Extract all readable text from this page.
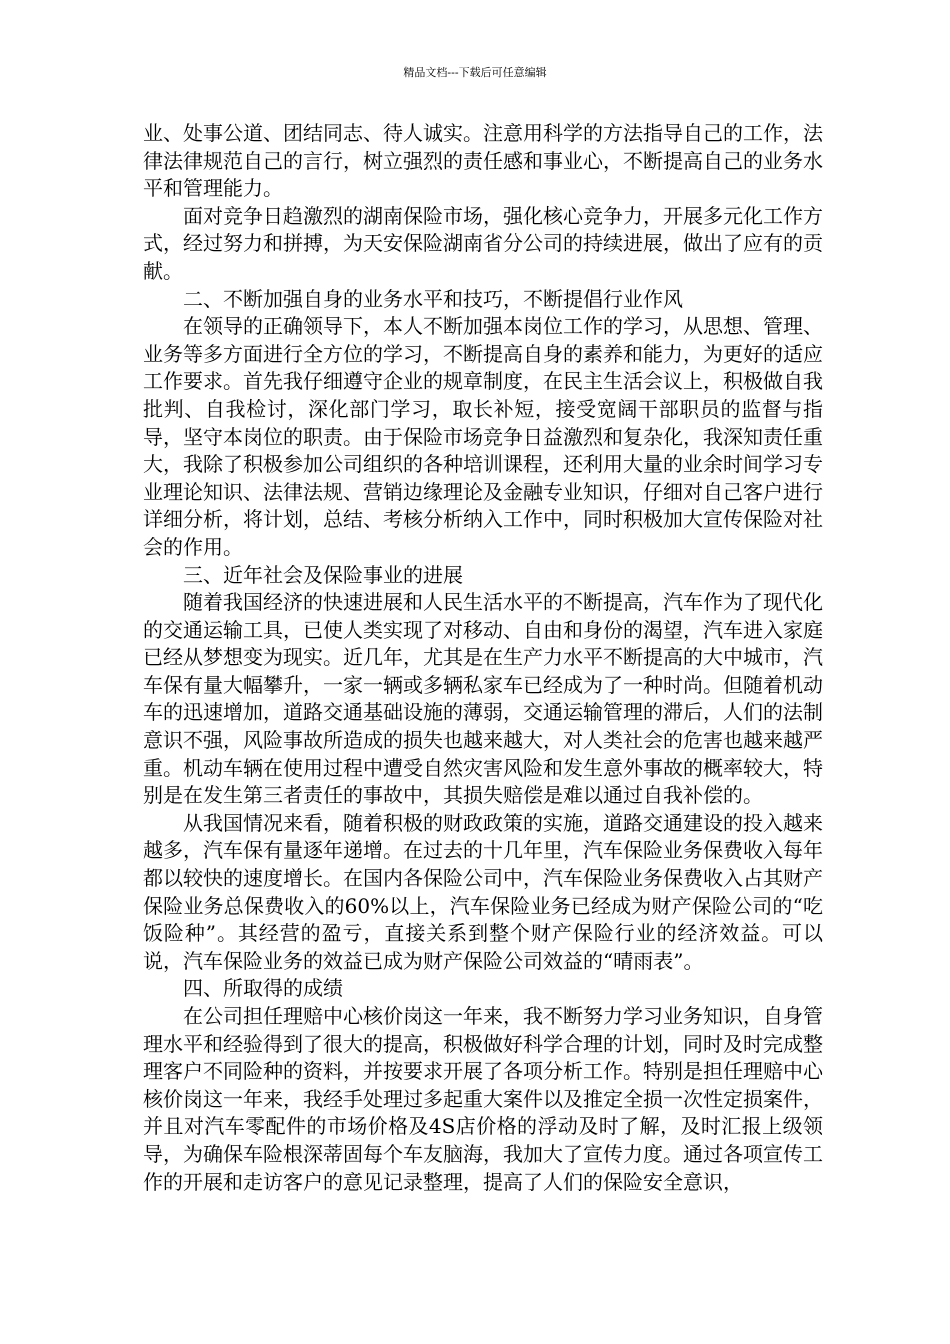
精品文档---下载后可任意编辑

业、处事公道、团结同志、待人诚实。注意用科学的方法指导自己的工作，法律法律规范自己的言行，树立强烈的责任感和事业心，不断提高自己的业务水平和管理能力。

面对竞争日趋激烈的湖南保险市场，强化核心竞争力，开展多元化工作方式，经过努力和拼搏，为天安保险湖南省分公司的持续进展，做出了应有的贡献。

二、不断加强自身的业务水平和技巧，不断提倡行业作风

在领导的正确领导下，本人不断加强本岗位工作的学习，从思想、管理、业务等多方面进行全方位的学习，不断提高自身的素养和能力，为更好的适应工作要求。首先我仔细遵守企业的规章制度，在民主生活会议上，积极做自我批判、自我检讨，深化部门学习，取长补短，接受宽阔干部职员的监督与指导，坚守本岗位的职责。由于保险市场竞争日益激烈和复杂化，我深知责任重大，我除了积极参加公司组织的各种培训课程，还利用大量的业余时间学习专业理论知识、法律法规、营销边缘理论及金融专业知识，仔细对自己客户进行详细分析，将计划，总结、考核分析纳入工作中，同时积极加大宣传保险对社会的作用。

三、近年社会及保险事业的进展

随着我国经济的快速进展和人民生活水平的不断提高，汽车作为了现代化的交通运输工具，已使人类实现了对移动、自由和身份的渴望，汽车进入家庭已经从梦想变为现实。近几年，尤其是在生产力水平不断提高的大中城市，汽车保有量大幅攀升，一家一辆或多辆私家车已经成为了一种时尚。但随着机动车的迅速增加，道路交通基础设施的薄弱，交通运输管理的滞后，人们的法制意识不强，风险事故所造成的损失也越来越大，对人类社会的危害也越来越严重。机动车辆在使用过程中遭受自然灾害风险和发生意外事故的概率较大，特别是在发生第三者责任的事故中，其损失赔偿是难以通过自我补偿的。

从我国情况来看，随着积极的财政政策的实施，道路交通建设的投入越来越多，汽车保有量逐年递增。在过去的十几年里，汽车保险业务保费收入每年都以较快的速度增长。在国内各保险公司中，汽车保险业务保费收入占其财产保险业务总保费收入的60%以上，汽车保险业务已经成为财产保险公司的“吃饭险种”。其经营的盈亏，直接关系到整个财产保险行业的经济效益。可以说，汽车保险业务的效益已成为财产保险公司效益的“晴雨表”。

四、所取得的成绩

在公司担任理赔中心核价岗这一年来，我不断努力学习业务知识，自身管理水平和经验得到了很大的提高，积极做好科学合理的计划，同时及时完成整理客户不同险种的资料，并按要求开展了各项分析工作。特别是担任理赔中心核价岗这一年来，我经手处理过多起重大案件以及推定全损一次性定损案件，并且对汽车零配件的市场价格及4S店价格的浮动及时了解，及时汇报上级领导，为确保车险根深蒂固每个车友脑海，我加大了宣传力度。通过各项宣传工作的开展和走访客户的意见记录整理，提高了人们的保险安全意识，
